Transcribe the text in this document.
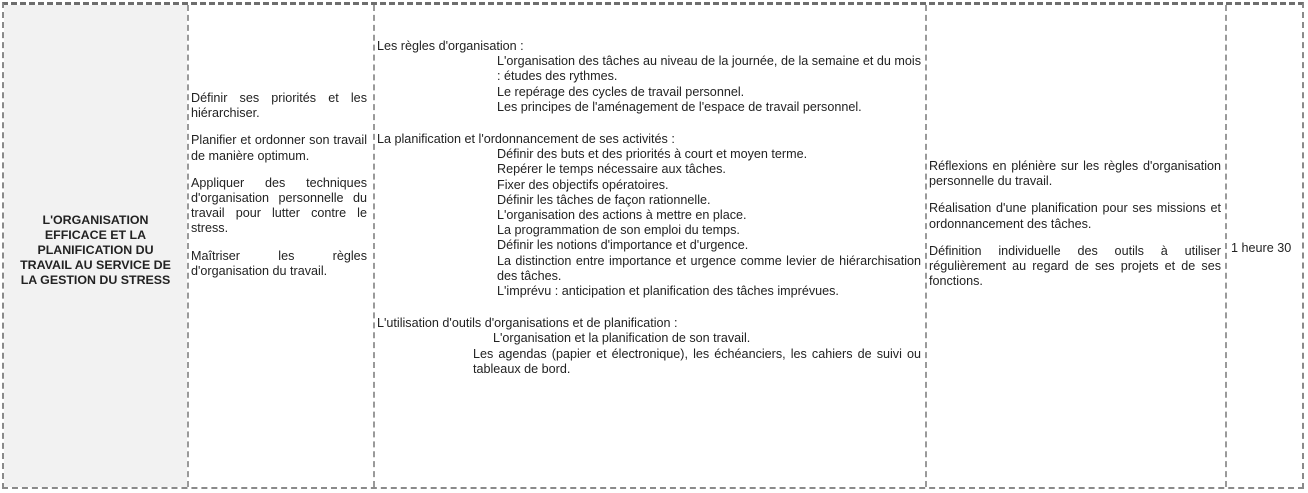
L'ORGANISATION EFFICACE ET LA PLANIFICATION DU TRAVAIL AU SERVICE DE LA GESTION DU STRESS

Définir ses priorités et les hiérarchiser.

Planifier et ordonner son travail de manière optimum.

Appliquer des techniques d'organisation personnelle du travail pour lutter contre le stress.

Maîtriser les règles d'organisation du travail.

Les règles d'organisation :

L'organisation des tâches au niveau de la journée, de la semaine et du mois : études des rythmes.

Le repérage des cycles de travail personnel.

Les principes de l'aménagement de l'espace de travail personnel.

La planification et l'ordonnancement de ses activités :

Définir des buts et des priorités à court et moyen terme.

Repérer le temps nécessaire aux tâches.

Fixer des objectifs opératoires.

Définir les tâches de façon rationnelle.

L'organisation des actions à mettre en place.

La programmation de son emploi du temps.

Définir les notions d'importance et d'urgence.

La distinction entre importance et urgence comme levier de hiérarchisation des tâches.

L'imprévu : anticipation et planification des tâches imprévues.

L'utilisation d'outils d'organisations et de planification :

L'organisation et la planification de son travail.

Les agendas (papier et électronique), les échéanciers, les cahiers de suivi ou tableaux de bord.

Réflexions en plénière sur les règles d'organisation personnelle du travail.

Réalisation d'une planification pour ses missions et ordonnancement des tâches.

Définition individuelle des outils à utiliser régulièrement au regard de ses projets et de ses fonctions.

1 heure 30
